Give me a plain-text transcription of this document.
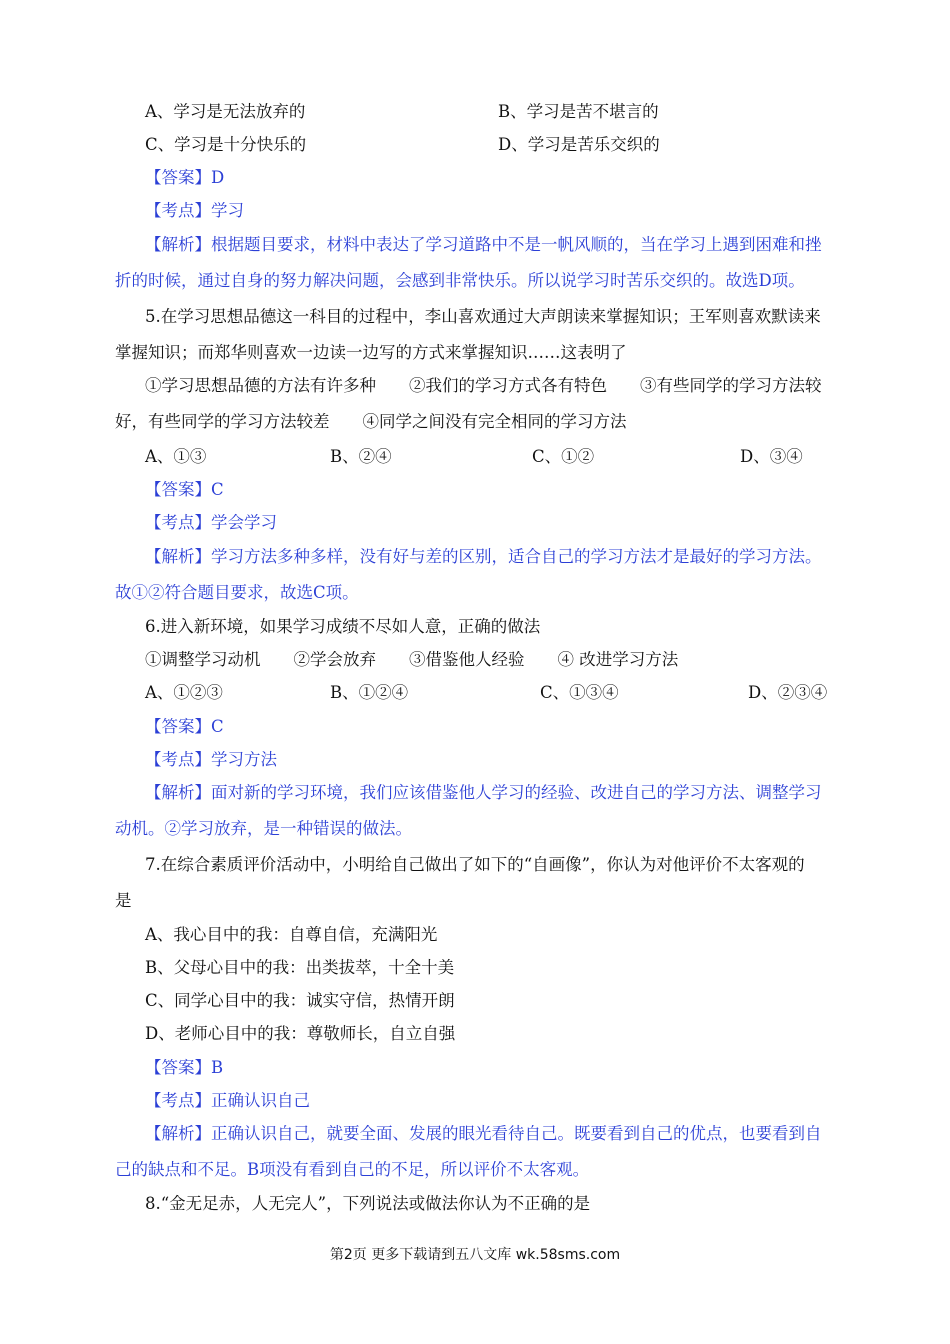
A、学习是无法放弃的	B、学习是苦不堪言的
C、学习是十分快乐的	D、学习是苦乐交织的
【答案】D
【考点】学习
【解析】根据题目要求，材料中表达了学习道路中不是一帆风顺的，当在学习上遇到困难和挫
折的时候，通过自身的努力解决问题，会感到非常快乐。所以说学习时苦乐交织的。故选D项。
5.在学习思想品德这一科目的过程中，李山喜欢通过大声朗读来掌握知识；王军则喜欢默读来
掌握知识；而郑华则喜欢一边读一边写的方式来掌握知识……这表明了
①学习思想品德的方法有许多种　　②我们的学习方式各有特色　　③有些同学的学习方法较
好，有些同学的学习方法较差　　④同学之间没有完全相同的学习方法
A、①③	B、②④	C、①②	D、③④
【答案】C
【考点】学会学习
【解析】学习方法多种多样，没有好与差的区别，适合自己的学习方法才是最好的学习方法。
故①②符合题目要求，故选C项。
6.进入新环境，如果学习成绩不尽如人意，正确的做法
①调整学习动机　　②学会放弃　　③借鉴他人经验　　④ 改进学习方法
A、①②③	B、①②④	C、①③④	D、②③④
【答案】C
【考点】学习方法
【解析】面对新的学习环境，我们应该借鉴他人学习的经验、改进自己的学习方法、调整学习
动机。②学习放弃，是一种错误的做法。
7.在综合素质评价活动中，小明给自己做出了如下的“自画像”，你认为对他评价不太客观的
是
A、我心目中的我：自尊自信，充满阳光
B、父母心目中的我：出类拔萃，十全十美
C、同学心目中的我：诚实守信，热情开朗
D、老师心目中的我：尊敬师长，自立自强
【答案】B
【考点】正确认识自己
【解析】正确认识自己，就要全面、发展的眼光看待自己。既要看到自己的优点，也要看到自
己的缺点和不足。B项没有看到自己的不足，所以评价不太客观。
8.“金无足赤，人无完人”，下列说法或做法你认为不正确的是
第2页 更多下载请到五八文库 wk.58sms.com
